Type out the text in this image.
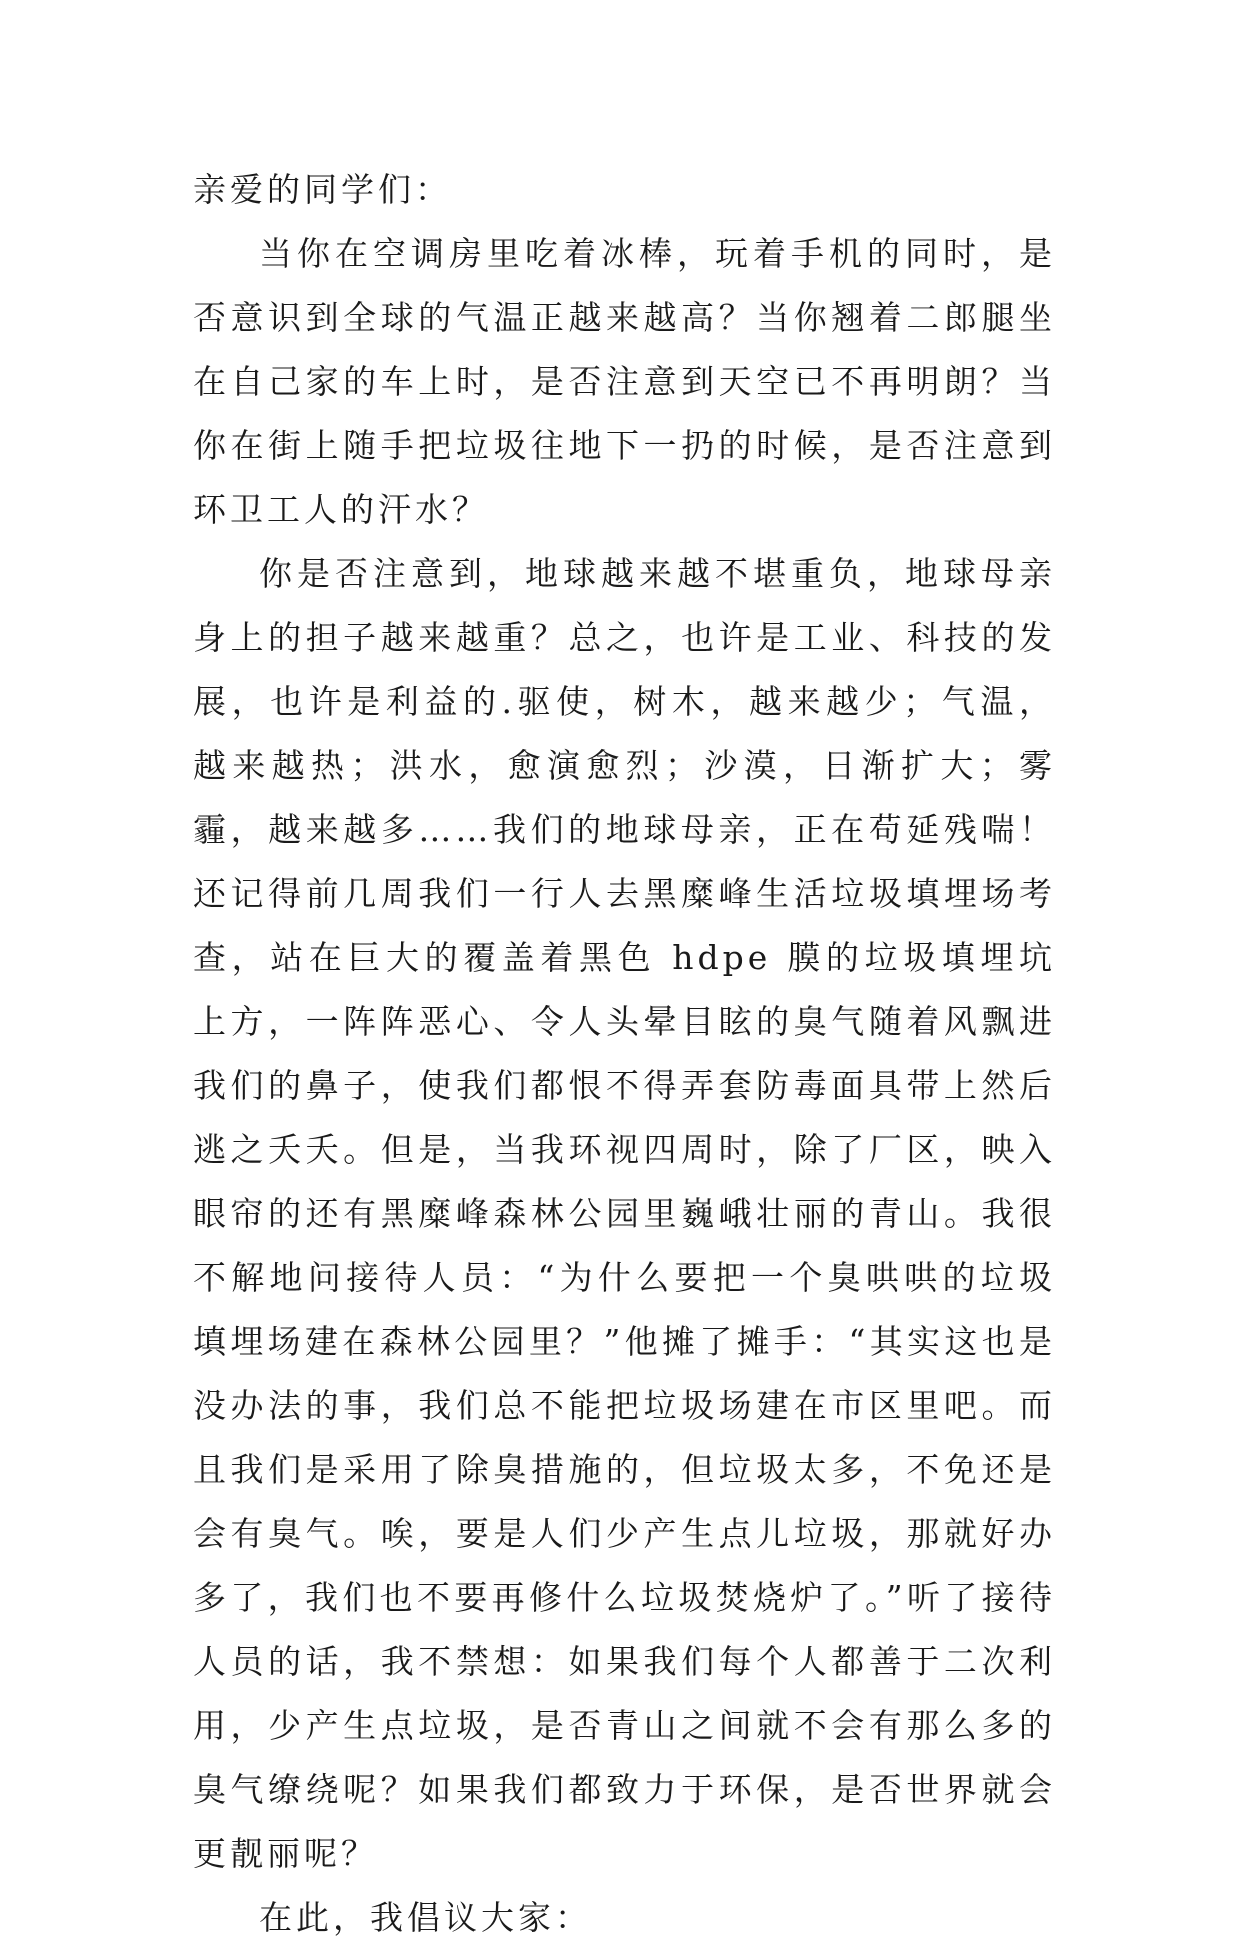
亲爱的同学们：

当你在空调房里吃着冰棒，玩着手机的同时，是否意识到全球的气温正越来越高？当你翘着二郎腿坐在自己家的车上时，是否注意到天空已不再明朗？当你在街上随手把垃圾往地下一扔的时候，是否注意到环卫工人的汗水？

你是否注意到，地球越来越不堪重负，地球母亲身上的担子越来越重？总之，也许是工业、科技的发展，也许是利益的.驱使，树木，越来越少；气温，越来越热；洪水，愈演愈烈；沙漠，日渐扩大；雾霾，越来越多……我们的地球母亲，正在苟延残喘！还记得前几周我们一行人去黑糜峰生活垃圾填埋场考查，站在巨大的覆盖着黑色 hdpe 膜的垃圾填埋坑上方，一阵阵恶心、令人头晕目眩的臭气随着风飘进我们的鼻子，使我们都恨不得弄套防毒面具带上然后逃之夭夭。但是，当我环视四周时，除了厂区，映入眼帘的还有黑糜峰森林公园里巍峨壮丽的青山。我很不解地问接待人员：“为什么要把一个臭哄哄的垃圾填埋场建在森林公园里？”他摊了摊手：“其实这也是没办法的事，我们总不能把垃圾场建在市区里吧。而且我们是采用了除臭措施的，但垃圾太多，不免还是会有臭气。唉，要是人们少产生点儿垃圾，那就好办多了，我们也不要再修什么垃圾焚烧炉了。”听了接待人员的话，我不禁想：如果我们每个人都善于二次利用，少产生点垃圾，是否青山之间就不会有那么多的臭气缭绕呢？如果我们都致力于环保，是否世界就会更靓丽呢？

在此，我倡议大家：
